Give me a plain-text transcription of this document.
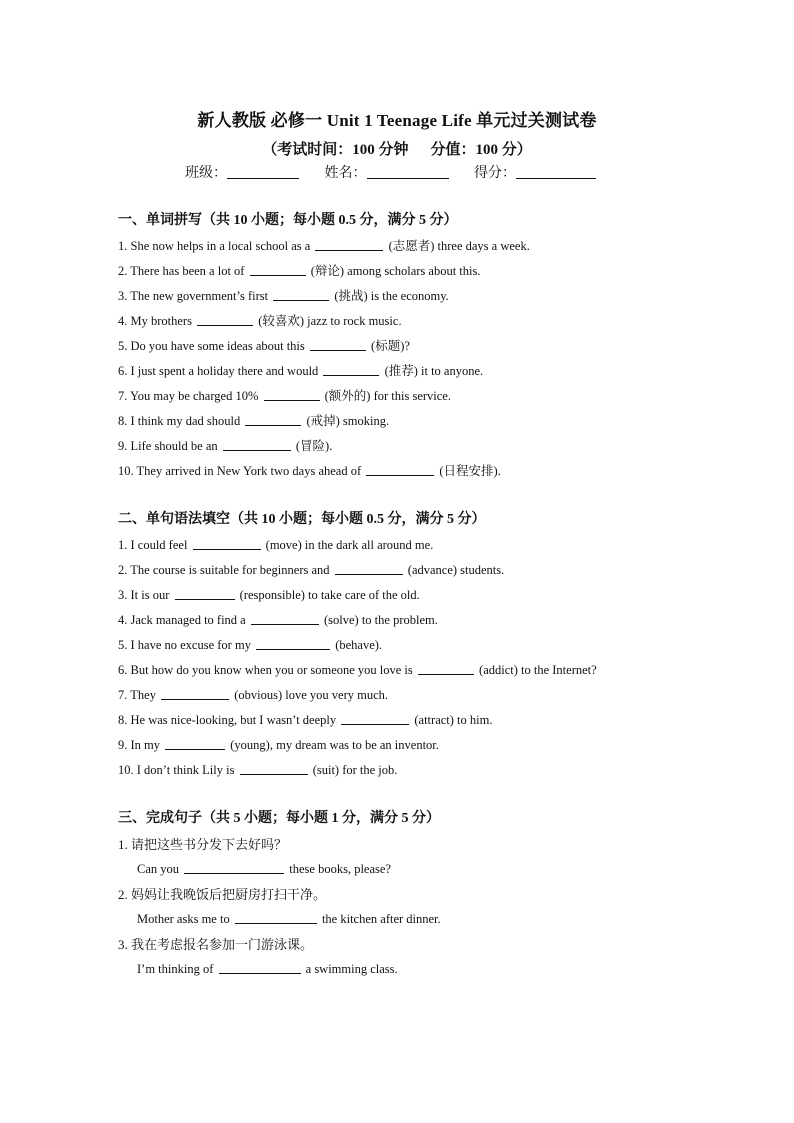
新人教版 必修一 Unit 1 Teenage Life 单元过关测试卷
（考试时间：100 分钟 分值：100 分）
班级：	姓名：	得分：
一、单词拼写（共 10 小题；每小题 0.5 分，满分 5 分）
1. She now helps in a local school as a	(志愿者) three days a week.
2. There has been a lot of	(辩论) among scholars about this.
3. The new government’s first	(挑战) is the economy.
4. My brothers	(较喜欢) jazz to rock music.
5. Do you have some ideas about this	(标题)?
6. I just spent a holiday there and would	(推荐) it to anyone.
7. You may be charged 10%	(额外的) for this service.
8. I think my dad should	(戒掉) smoking.
9. Life should be an	(冒险).
10. They arrived in New York two days ahead of	(日程安排).
二、单句语法填空（共 10 小题；每小题 0.5 分，满分 5 分）
1. I could feel	(move) in the dark all around me.
2. The course is suitable for beginners and	(advance) students.
3. It is our	(responsible) to take care of the old.
4. Jack managed to find a	(solve) to the problem.
5. I have no excuse for my	(behave).
6. But how do you know when you or someone you love is	(addict) to the Internet?
7. They	(obvious) love you very much.
8. He was nice-looking, but I wasn’t deeply	(attract) to him.
9. In my	(young), my dream was to be an inventor.
10. I don’t think Lily is	(suit) for the job.
三、完成句子（共 5 小题；每小题 1 分，满分 5 分）
1. 请把这些书分发下去好吗？
Can you	these books, please?
2. 妈妈让我晚饭后把厨房打扫干净。
Mother asks me to	the kitchen after dinner.
3. 我在考虑报名参加一门游泳课。
I’m thinking of	a swimming class.
